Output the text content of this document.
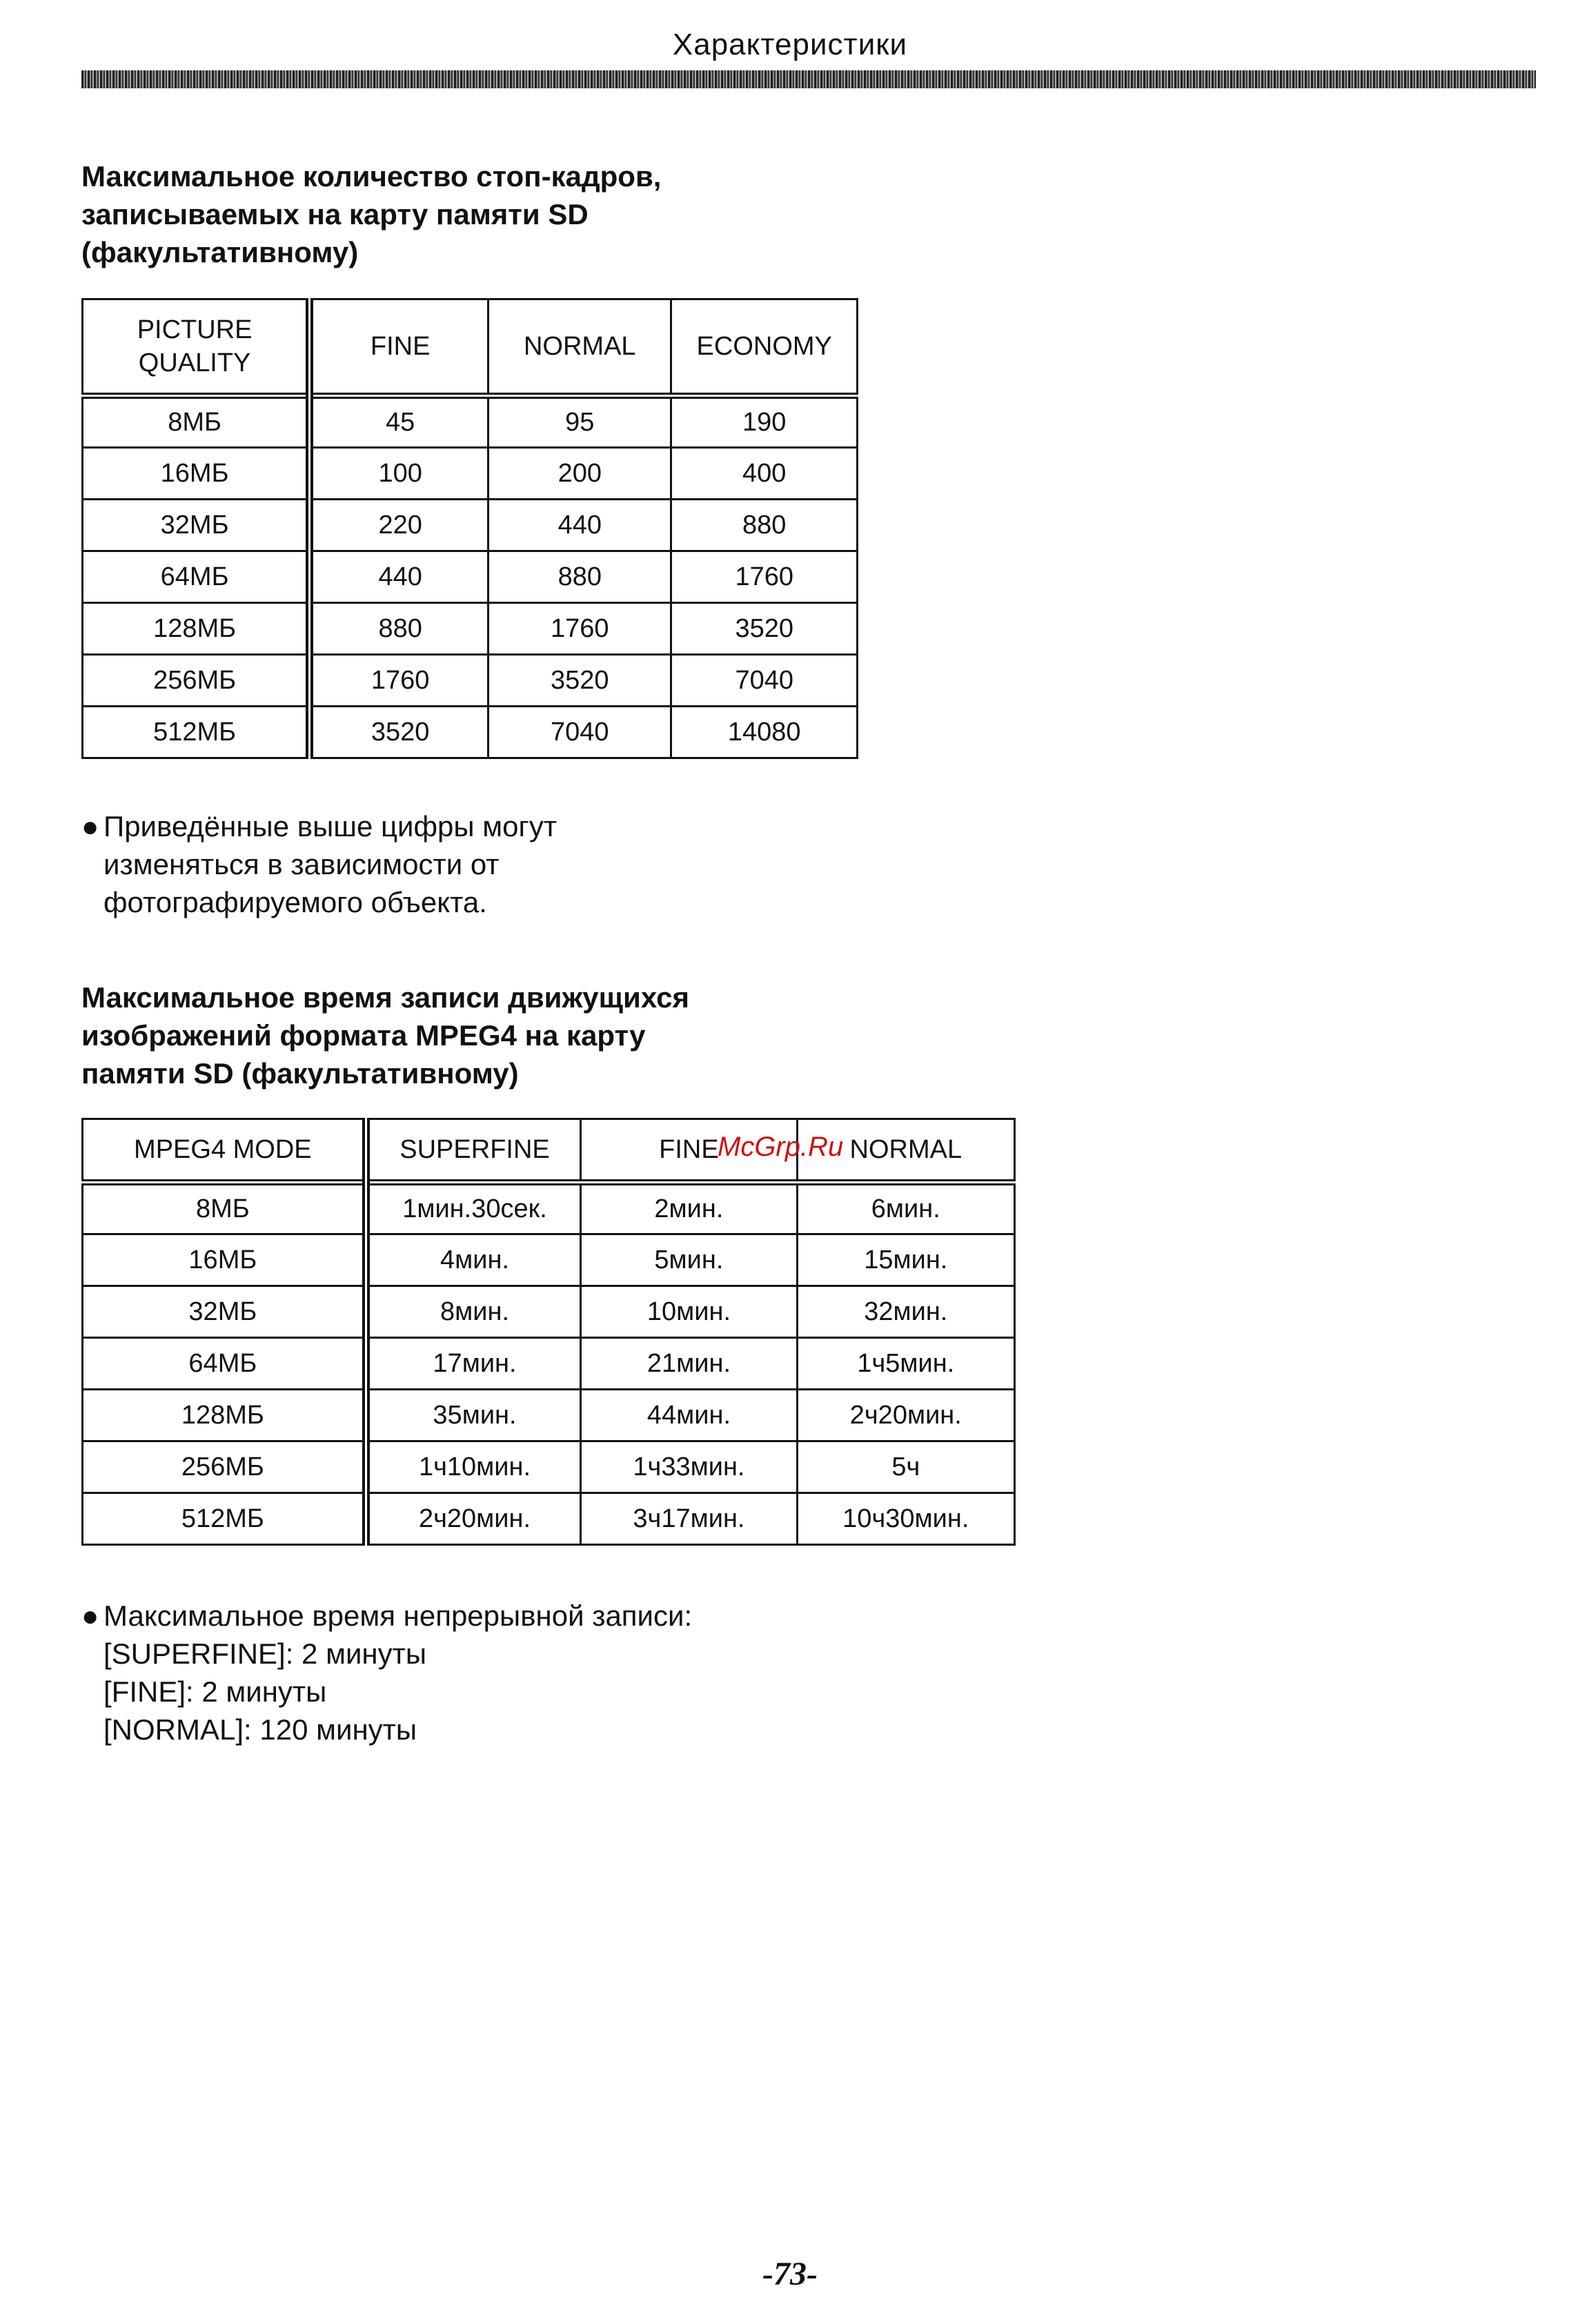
Характеристики
Максимальное количество стоп-кадров,
записываемых на карту памяти SD
(факультативному)
PICTURE QUALITY	FINE	NORMAL	ECONOMY
8МБ	45	95	190
16МБ	100	200	400
32МБ	220	440	880
64МБ	440	880	1760
128МБ	880	1760	3520
256МБ	1760	3520	7040
512МБ	3520	7040	14080
● Приведённые выше цифры могут
изменяться в зависимости от
фотографируемого объекта.
Максимальное время записи движущихся
изображений формата MPEG4 на карту
памяти SD (факультативному)
MPEG4 MODE	SUPERFINE	FINE	NORMAL
8МБ	1мин.30сек.	2мин.	6мин.
16МБ	4мин.	5мин.	15мин.
32МБ	8мин.	10мин.	32мин.
64МБ	17мин.	21мин.	1ч5мин.
128МБ	35мин.	44мин.	2ч20мин.
256МБ	1ч10мин.	1ч33мин.	5ч
512МБ	2ч20мин.	3ч17мин.	10ч30мин.
● Максимальное время непрерывной записи:
[SUPERFINE]: 2 минуты
[FINE]: 2 минуты
[NORMAL]: 120 минуты
McGrp.Ru
-73-
